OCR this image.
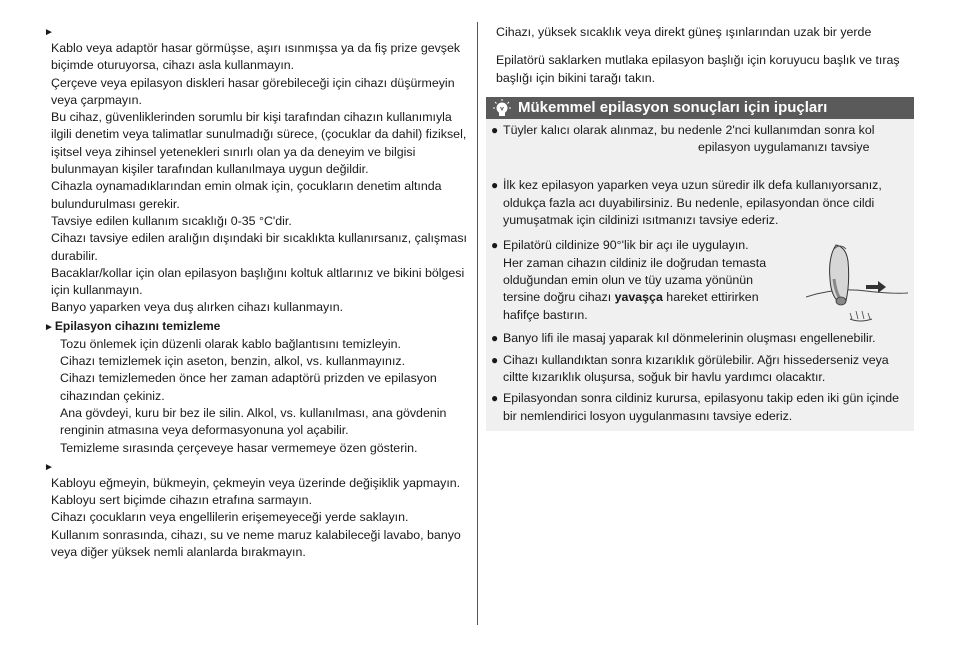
►
Kablo veya adaptör hasar görmüşse, aşırı ısınmışsa ya da fiş prize gevşek biçimde oturuyorsa, cihazı asla kullanmayın.
Çerçeve veya epilasyon diskleri hasar görebileceği için cihazı düşürmeyin veya çarpmayın.
Bu cihaz, güvenliklerinden sorumlu bir kişi tarafından cihazın kullanımıyla ilgili denetim veya talimatlar sunulmadığı sürece, (çocuklar da dahil) fiziksel, işitsel veya zihinsel yetenekleri sınırlı olan ya da deneyim ve bilgisi bulunmayan kişiler tarafından kullanılmaya uygun değildir.
Cihazla oynamadıklarından emin olmak için, çocukların denetim altında bulundurulması gerekir.
Tavsiye edilen kullanım sıcaklığı 0-35 °C'dir.
Cihazı tavsiye edilen aralığın dışındaki bir sıcaklıkta kullanırsanız, çalışması durabilir.
Bacaklar/kollar için olan epilasyon başlığını koltuk altlarınız ve bikini bölgesi için kullanmayın.
Banyo yaparken veya duş alırken cihazı kullanmayın.
►Epilasyon cihazını temizleme
Tozu önlemek için düzenli olarak kablo bağlantısını temizleyin.
Cihazı temizlemek için aseton, benzin, alkol, vs. kullanmayınız.
Cihazı temizlemeden önce her zaman adaptörü prizden ve epilasyon cihazından çekiniz.
Ana gövdeyi, kuru bir bez ile silin. Alkol, vs. kullanılması, ana gövdenin renginin atmasına veya deformasyonuna yol açabilir.
Temizleme sırasında çerçeveye hasar vermemeye özen gösterin.
►
Kabloyu eğmeyin, bükmeyin, çekmeyin veya üzerinde değişiklik yapmayın.
Kabloyu sert biçimde cihazın etrafına sarmayın.
Cihazı çocukların veya engellilerin erişemeyeceği yerde saklayın.
Kullanım sonrasında, cihazı, su ve neme maruz kalabileceği lavabo, banyo veya diğer yüksek nemli alanlarda bırakmayın.
Cihazı, yüksek sıcaklık veya direkt güneş ışınlarından uzak bir yerde
Epilatörü saklarken mutlaka epilasyon başlığı için koruyucu başlık ve tıraş başlığı için bikini tarağı takın.
Mükemmel epilasyon sonuçları için ipuçları
● Tüyler kalıcı olarak alınmaz, bu nedenle 2'nci kullanımdan sonra kol
epilasyon uygulamanızı tavsiye
● İlk kez epilasyon yaparken veya uzun süredir ilk defa kullanıyorsanız, oldukça fazla acı duyabilirsiniz. Bu nedenle, epilasyondan önce cildi yumuşatmak için cildinizi ısıtmanızı tavsiye ederiz.
● Epilatörü cildinize 90°'lik bir açı ile uygulayın. Her zaman cihazın cildiniz ile doğrudan temasta olduğundan emin olun ve tüy uzama yönünün tersine doğru cihazı yavaşça hareket ettirirken hafifçe bastırın.
● Banyo lifi ile masaj yaparak kıl dönmelerinin oluşması engellenebilir.
● Cihazı kullandıktan sonra kızarıklık görülebilir. Ağrı hissederseniz veya ciltte kızarıklık oluşursa, soğuk bir havlu yardımcı olacaktır.
● Epilasyondan sonra cildiniz kurursa, epilasyonu takip eden iki gün içinde bir nemlendirici losyon uygulanmasını tavsiye ederiz.
